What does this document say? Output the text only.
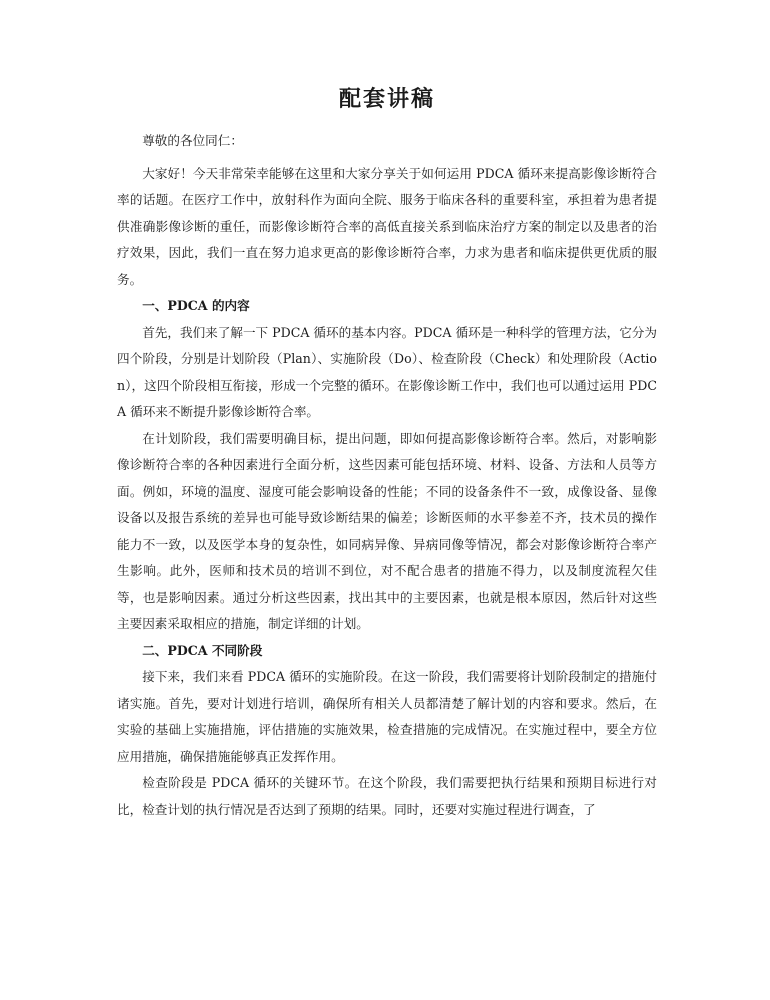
配套讲稿

尊敬的各位同仁：

大家好！今天非常荣幸能够在这里和大家分享关于如何运用 PDCA 循环来提高影像诊断符合率的话题。在医疗工作中，放射科作为面向全院、服务于临床各科的重要科室，承担着为患者提供准确影像诊断的重任，而影像诊断符合率的高低直接关系到临床治疗方案的制定以及患者的治疗效果，因此，我们一直在努力追求更高的影像诊断符合率，力求为患者和临床提供更优质的服务。

一、PDCA 的内容

首先，我们来了解一下 PDCA 循环的基本内容。PDCA 循环是一种科学的管理方法，它分为四个阶段，分别是计划阶段（Plan）、实施阶段（Do）、检查阶段（Check）和处理阶段（Action），这四个阶段相互衔接，形成一个完整的循环。在影像诊断工作中，我们也可以通过运用 PDCA 循环来不断提升影像诊断符合率。

在计划阶段，我们需要明确目标，提出问题，即如何提高影像诊断符合率。然后，对影响影像诊断符合率的各种因素进行全面分析，这些因素可能包括环境、材料、设备、方法和人员等方面。例如，环境的温度、湿度可能会影响设备的性能；不同的设备条件不一致，成像设备、显像设备以及报告系统的差异也可能导致诊断结果的偏差；诊断医师的水平参差不齐，技术员的操作能力不一致，以及医学本身的复杂性，如同病异像、异病同像等情况，都会对影像诊断符合率产生影响。此外，医师和技术员的培训不到位，对不配合患者的措施不得力，以及制度流程欠佳等，也是影响因素。通过分析这些因素，找出其中的主要因素，也就是根本原因，然后针对这些主要因素采取相应的措施，制定详细的计划。

二、PDCA 不同阶段

接下来，我们来看 PDCA 循环的实施阶段。在这一阶段，我们需要将计划阶段制定的措施付诸实施。首先，要对计划进行培训，确保所有相关人员都清楚了解计划的内容和要求。然后，在实验的基础上实施措施，评估措施的实施效果，检查措施的完成情况。在实施过程中，要全方位应用措施，确保措施能够真正发挥作用。

检查阶段是 PDCA 循环的关键环节。在这个阶段，我们需要把执行结果和预期目标进行对比，检查计划的执行情况是否达到了预期的结果。同时，还要对实施过程进行调查，了
